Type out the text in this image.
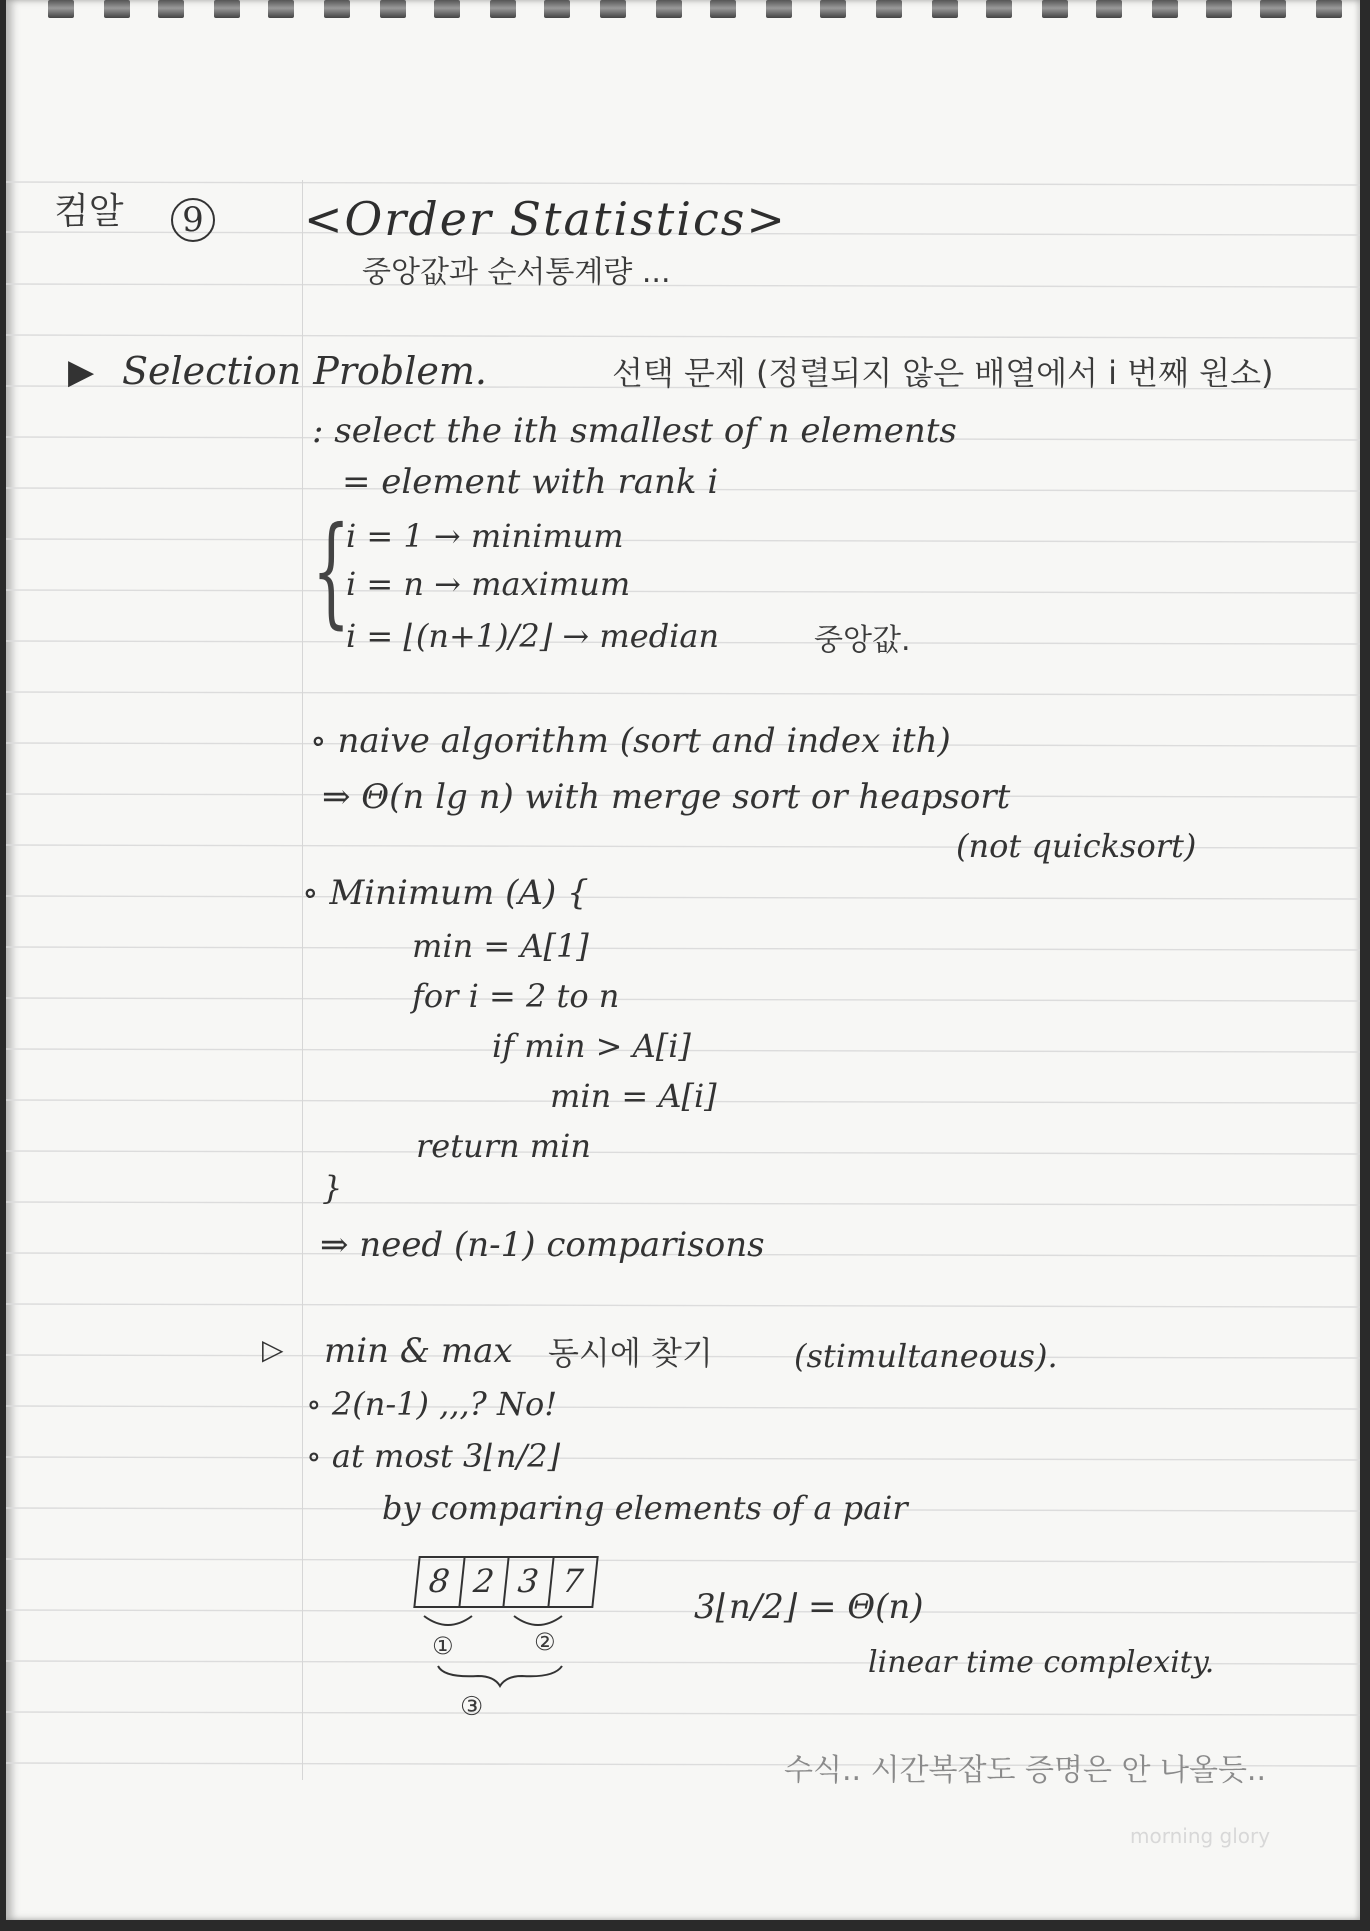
컴알	9 <Order Statistics>
중앙값과 순서통계량 ...
▶ Selection Problem.	선택 문제 (정렬되지 않은 배열에서 i 번째 원소)
: select the ith smallest of n elements
= element with rank i
{
i = 1 → minimum
i = n → maximum
i = ⌊(n+1)/2⌋ → median	중앙값.
∘ naive algorithm (sort and index ith)
⇒ Θ(n lg n) with merge sort or heapsort
(not quicksort)
∘ Minimum (A) {
min = A[1]
for i = 2 to n
if min > A[i]
min = A[i]
return min
}
⇒ need (n-1) comparisons
▷ min & max 동시에 찾기	(stimultaneous).
∘ 2(n-1) ,,,? No!
∘ at most 3⌊n/2⌋
by comparing elements of a pair
8 2 3 7
①	②
③
3⌊n/2⌋ = Θ(n)
linear time complexity.
수식.. 시간복잡도 증명은 안 나올듯..
morning glory
